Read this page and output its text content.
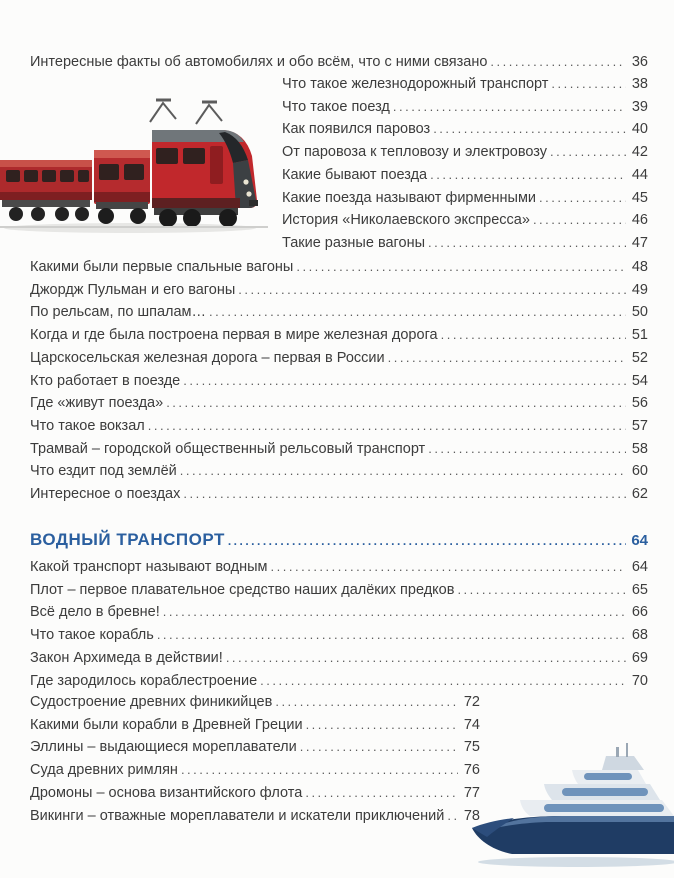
Интересные факты об автомобилях и обо всём, что с ними связано .....	36
Что такое железнодорожный транспорт .....	38
Что такое поезд .....	39
Как появился паровоз .....	40
От паровоза к тепловозу и электровозу .....	42
Какие бывают поезда .....	44
Какие поезда называют фирменными .....	45
История «Николаевского экспресса» .....	46
Такие разные вагоны .....	47
Какими были первые спальные вагоны .....	48
Джордж Пульман и его вагоны .....	49
По рельсам, по шпалам… .....	50
Когда и где была построена первая в мире железная дорога .....	51
Царскосельская железная дорога – первая в России .....	52
Кто работает в поезде .....	54
Где «живут поезда» .....	56
Что такое вокзал .....	57
Трамвай – городской общественный рельсовый транспорт .....	58
Что ездит под землёй .....	60
Интересное о поездах .....	62
ВОДНЫЙ ТРАНСПОРТ .....	64
Какой транспорт называют водным .....	64
Плот – первое плавательное средство наших далёких предков .....	65
Всё дело в бревне! .....	66
Что такое корабль .....	68
Закон Архимеда в действии! .....	69
Где зародилось кораблестроение .....	70
Судостроение древних финикийцев .....	72
Какими были корабли в Древней Греции .....	74
Эллины – выдающиеся мореплаватели .....	75
Суда древних римлян .....	76
Дромоны – основа византийского флота .....	77
Викинги – отважные мореплаватели и искатели приключений .....	78
